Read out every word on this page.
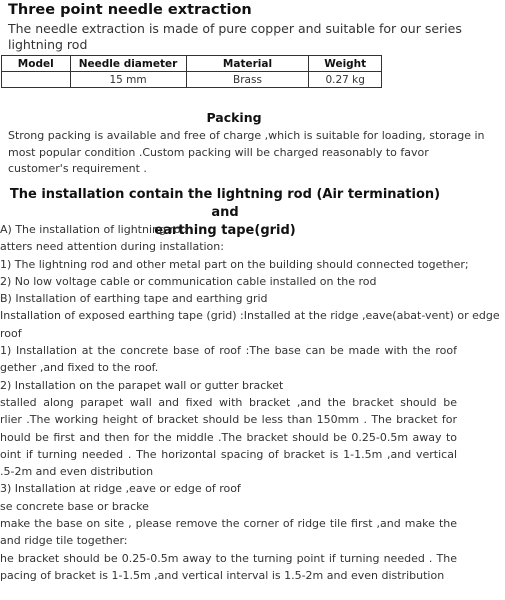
Three point needle extraction
The needle extraction is made of pure copper and suitable for our series lightning rod
Model	Needle diameter	Material	Weight
	15 mm	Brass	0.27 kg
Packing
Strong packing is available and free of charge ,which is suitable for loading, storage in most popular condition .Custom packing will be charged reasonably to favor customer's requirement .
The installation contain the lightning rod (Air termination) and
earthing tape(grid)
A) The installation of lightning rod
atters need attention during installation:
1) The lightning rod and other metal part on the building should connected together;
2) No low voltage cable or communication cable installed on the rod
B) Installation of earthing tape and earthing grid
Installation of exposed earthing tape (grid) :Installed at the ridge ,eave(abat-vent) or edge
roof
1) Installation at the concrete base of roof :The base can be made with the roof
gether ,and fixed to the roof.
2) Installation on the parapet wall or gutter bracket
stalled along parapet wall and fixed with bracket ,and the bracket should be
rlier .The working height of bracket should be less than 150mm . The bracket for
hould be first and then for the middle .The bracket should be 0.25-0.5m away to
oint if turning needed . The horizontal spacing of bracket is 1-1.5m ,and vertical
.5-2m and even distribution
3) Installation at ridge ,eave or edge of roof
se concrete base or bracke
make the base on site , please remove the corner of ridge tile first ,and make the
and ridge tile togetherː
he bracket should be 0.25-0.5m away to the turning point if turning needed . The
pacing of bracket is 1-1.5m ,and vertical interval is 1.5-2m and even distribution
